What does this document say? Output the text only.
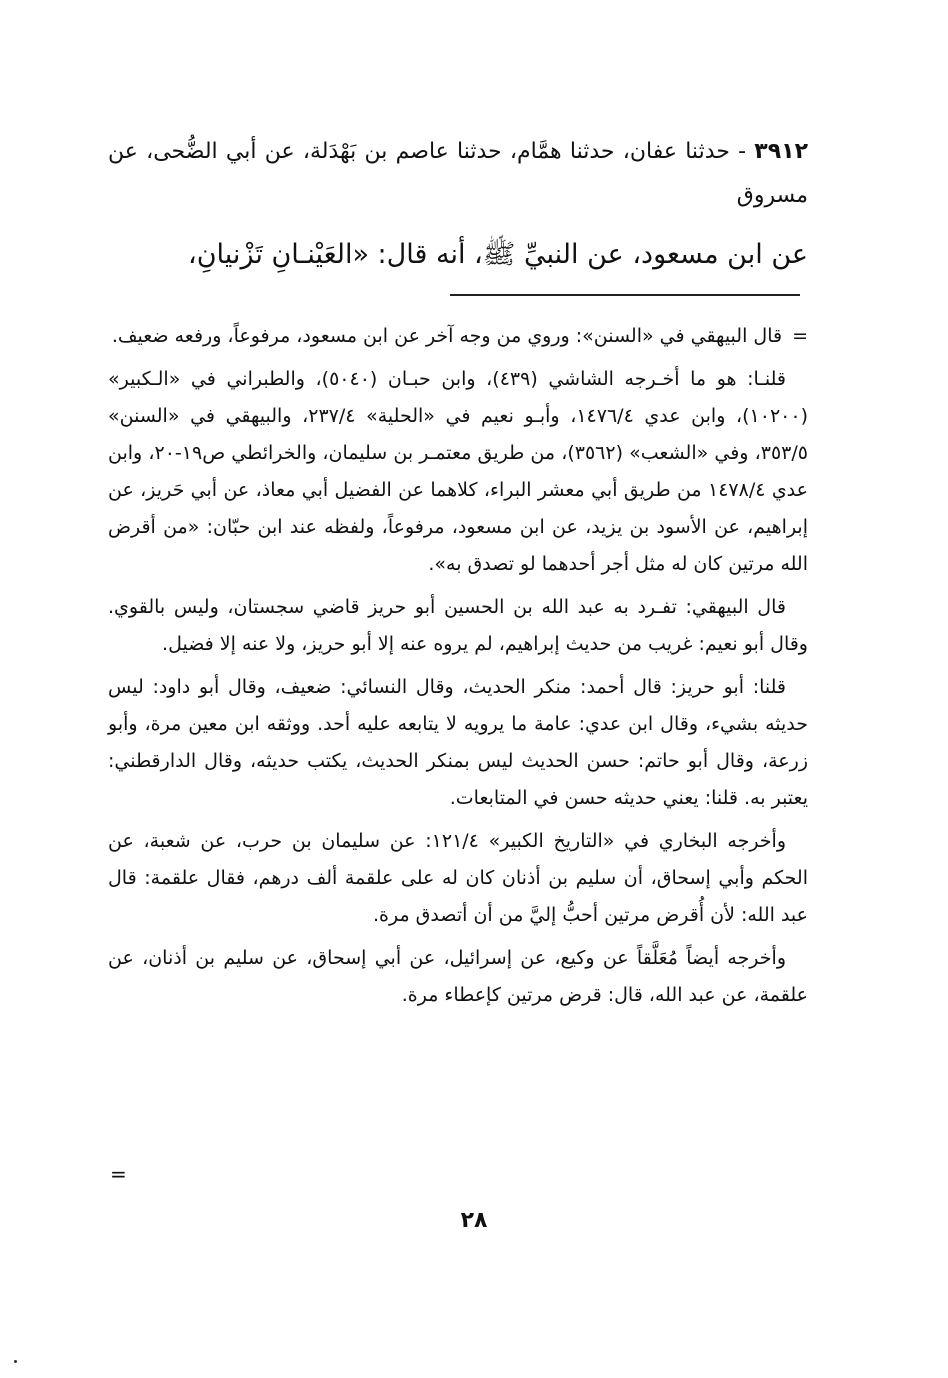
٣٩١٢ - حدثنا عفان، حدثنا همَّام، حدثنا عاصم بن بَهْدَلة، عن أبي الضُّحى، عن مسروق
عن ابن مسعود، عن النبيِّ ﷺ، أنه قال: «العَيْنـانِ تَزْنيانِ،

=قال البيهقي في «السنن»: وروي من وجه آخر عن ابن مسعود، مرفوعاً، ورفعه ضعيف.

قلنـا: هو ما أخـرجه الشاشي (٤٣٩)، وابن حبـان (٥٠٤٠)، والطبراني في «الـكبير» (١٠٢٠٠)، وابن عدي ١٤٧٦/٤، وأبـو نعيم في «الحلية» ٢٣٧/٤، والبيهقي في «السنن» ٣٥٣/٥، وفي «الشعب» (٣٥٦٢)، من طريق معتمـر بن سليمان، والخرائطي ص١٩-٢٠، وابن عدي ١٤٧٨/٤ من طريق أبي معشر البراء، كلاهما عن الفضيل أبي معاذ، عن أبي حَريز، عن إبراهيم، عن الأسود بن يزيد، عن ابن مسعود، مرفوعاً، ولفظه عند ابن حبّان: «من أقرض الله مرتين كان له مثل أجر أحدهما لو تصدق به».

قال البيهقي: تفـرد به عبد الله بن الحسين أبو حريز قاضي سجستان، وليس بالقوي. وقال أبو نعيم: غريب من حديث إبراهيم، لم يروه عنه إلا أبو حريز، ولا عنه إلا فضيل.

قلنا: أبو حريز: قال أحمد: منكر الحديث، وقال النسائي: ضعيف، وقال أبو داود: ليس حديثه بشيء، وقال ابن عدي: عامة ما يرويه لا يتابعه عليه أحد. ووثقه ابن معين مرة، وأبو زرعة، وقال أبو حاتم: حسن الحديث ليس بمنكر الحديث، يكتب حديثه، وقال الدارقطني: يعتبر به. قلنا: يعني حديثه حسن في المتابعات.

وأخرجه البخاري في «التاريخ الكبير» ١٢١/٤: عن سليمان بن حرب، عن شعبة، عن الحكم وأبي إسحاق، أن سليم بن أذنان كان له على علقمة ألف درهم، فقال علقمة: قال عبد الله: لأن أُقرض مرتين أحبُّ إليَّ من أن أتصدق مرة.

وأخرجه أيضاً مُعَلَّقاً عن وكيع، عن إسرائيل، عن أبي إسحاق، عن سليم بن أذنان، عن علقمة، عن عبد الله، قال: قرض مرتين كإعطاء مرة.

=
٢٨
